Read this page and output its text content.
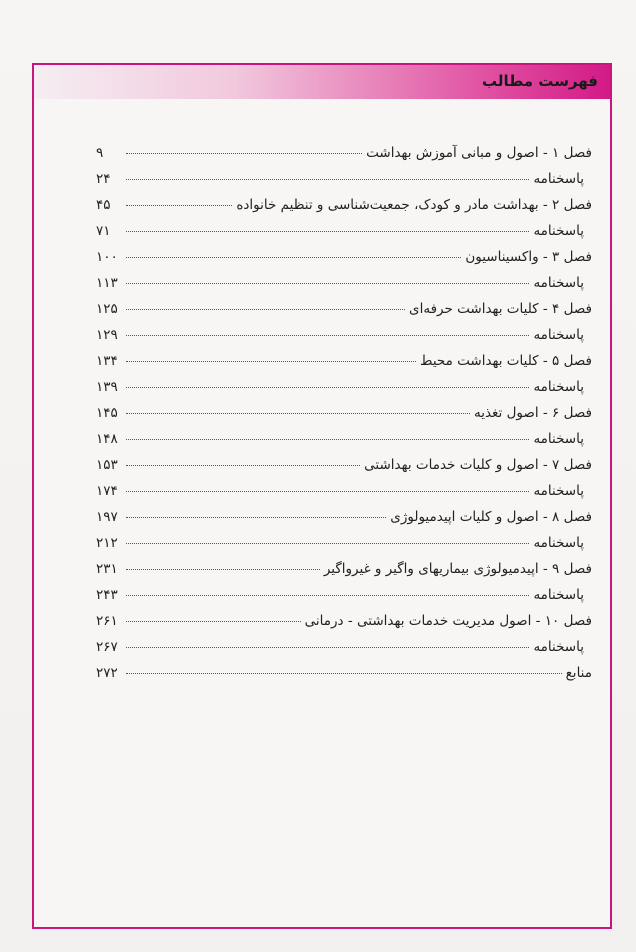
فهرست مطالب
فصل ۱ - اصول و مبانی آموزش بهداشت
۹
پاسخنامه
۲۴
فصل ۲ - بهداشت مادر و کودک، جمعیت‌شناسی و تنظیم خانواده
۴۵
پاسخنامه
۷۱
فصل ۳ - واکسیناسیون
۱۰۰
پاسخنامه
۱۱۳
فصل ۴ - کلیات بهداشت حرفه‌ای
۱۲۵
پاسخنامه
۱۲۹
فصل ۵ - کلیات بهداشت محیط
۱۳۴
پاسخنامه
۱۳۹
فصل ۶ - اصول تغذیه
۱۴۵
پاسخنامه
۱۴۸
فصل ۷ - اصول و کلیات خدمات بهداشتی
۱۵۳
پاسخنامه
۱۷۴
فصل ۸ - اصول و کلیات اپیدمیولوژی
۱۹۷
پاسخنامه
۲۱۲
فصل ۹ - اپیدمیولوژی بیماریهای واگیر و غیرواگیر
۲۳۱
پاسخنامه
۲۴۳
فصل ۱۰ - اصول مدیریت خدمات بهداشتی - درمانی
۲۶۱
پاسخنامه
۲۶۷
منابع
۲۷۲
